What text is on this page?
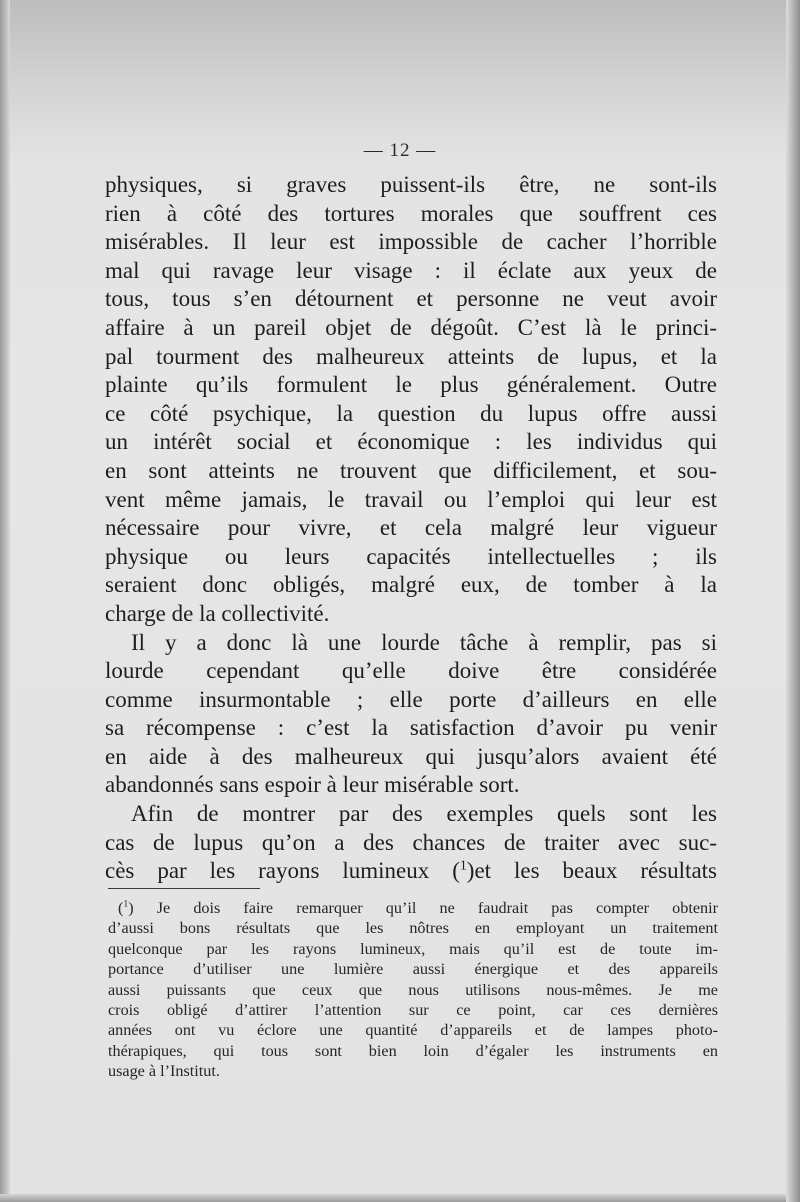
— 12 —
physiques, si graves puissent-ils être, ne sont-ils
rien à côté des tortures morales que souffrent ces
misérables. Il leur est impossible de cacher l’horrible
mal qui ravage leur visage : il éclate aux yeux de
tous, tous s’en détournent et personne ne veut avoir
affaire à un pareil objet de dégoût. C’est là le princi-
pal tourment des malheureux atteints de lupus, et la
plainte qu’ils formulent le plus généralement. Outre
ce côté psychique, la question du lupus offre aussi
un intérêt social et économique : les individus qui
en sont atteints ne trouvent que difficilement, et sou-
vent même jamais, le travail ou l’emploi qui leur est
nécessaire pour vivre, et cela malgré leur vigueur
physique ou leurs capacités intellectuelles ; ils
seraient donc obligés, malgré eux, de tomber à la
charge de la collectivité.
Il y a donc là une lourde tâche à remplir, pas si
lourde cependant qu’elle doive être considérée
comme insurmontable ; elle porte d’ailleurs en elle
sa récompense : c’est la satisfaction d’avoir pu venir
en aide à des malheureux qui jusqu’alors avaient été
abandonnés sans espoir à leur misérable sort.
Afin de montrer par des exemples quels sont les
cas de lupus qu’on a des chances de traiter avec suc-
cès par les rayons lumineux ($^1$)et les beaux résultats
($^1$) Je dois faire remarquer qu’il ne faudrait pas compter obtenir
d’aussi bons résultats que les nôtres en employant un traitement
quelconque par les rayons lumineux, mais qu’il est de toute im-
portance d’utiliser une lumière aussi énergique et des appareils
aussi puissants que ceux que nous utilisons nous-mêmes. Je me
crois obligé d’attirer l’attention sur ce point, car ces dernières
années ont vu éclore une quantité d’appareils et de lampes photo-
thérapiques, qui tous sont bien loin d’égaler les instruments en
usage à l’Institut.
